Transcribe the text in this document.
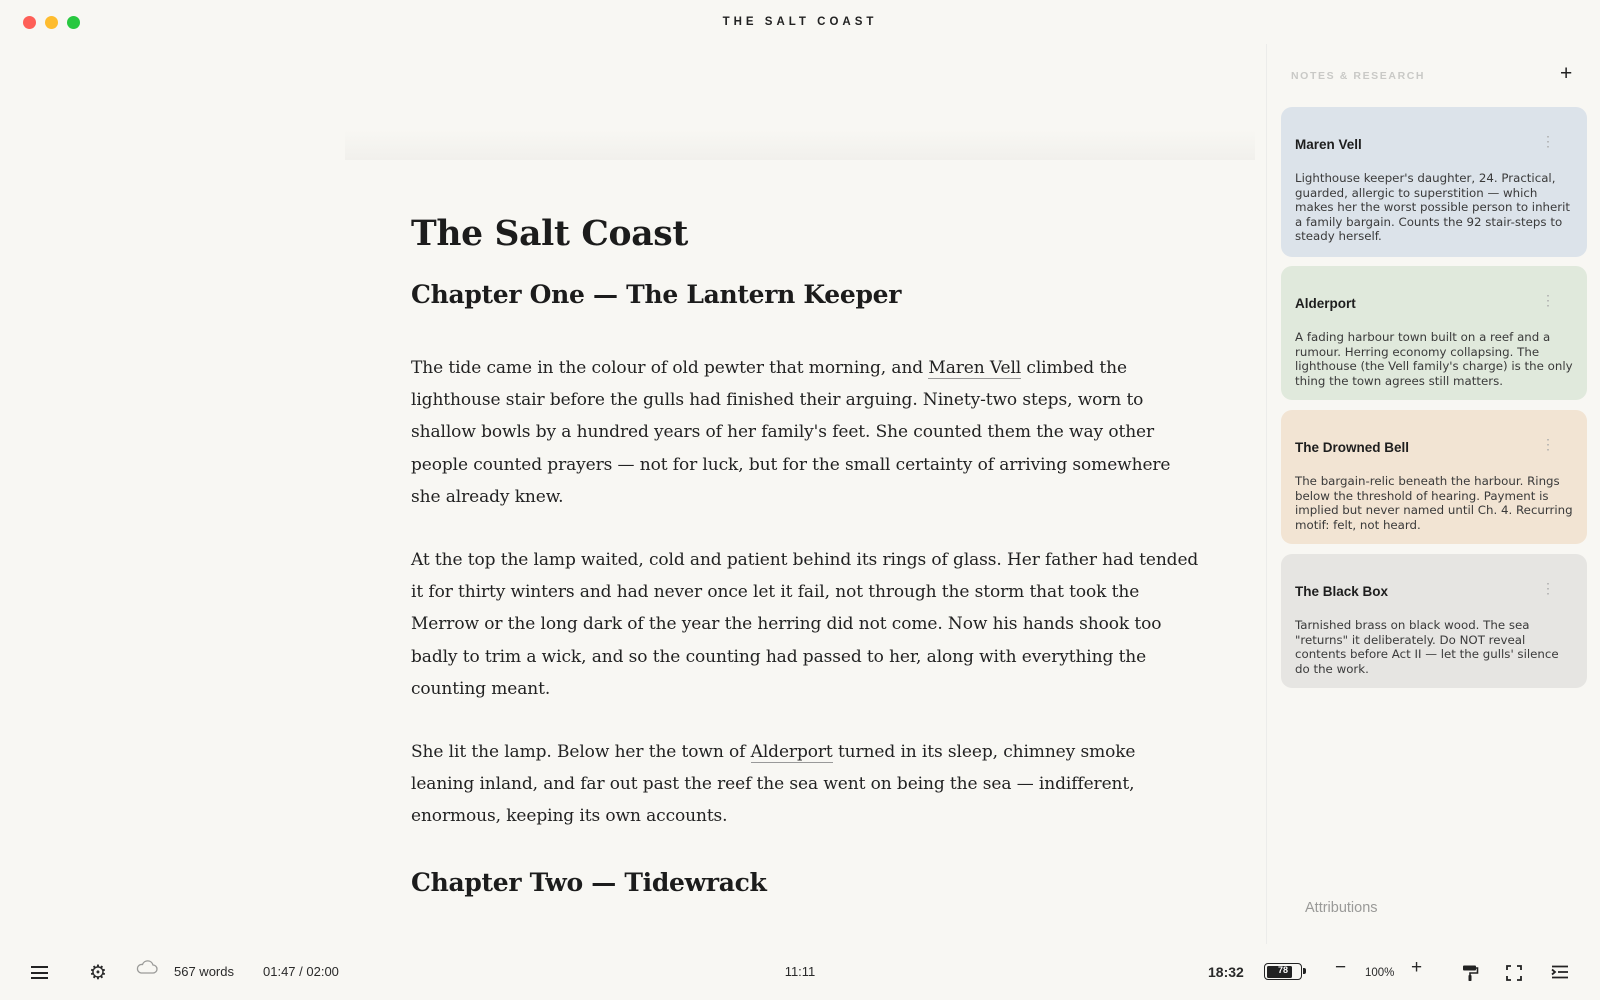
THE SALT COAST
The Salt Coast
Chapter One — The Lantern Keeper

The tide came in the colour of old pewter that morning, and Maren Vell climbed the lighthouse stair before the gulls had finished their arguing. Ninety-two steps, worn to shallow bowls by a hundred years of her family's feet. She counted them the way other people counted prayers — not for luck, but for the small certainty of arriving somewhere she already knew.

At the top the lamp waited, cold and patient behind its rings of glass. Her father had tended it for thirty winters and had never once let it fail, not through the storm that took the Merrow or the long dark of the year the herring did not come. Now his hands shook too badly to trim a wick, and so the counting had passed to her, along with everything the counting meant.

She lit the lamp. Below her the town of Alderport turned in its sleep, chimney smoke leaning inland, and far out past the reef the sea went on being the sea — indifferent, enormous, keeping its own accounts.

Chapter Two — Tidewrack
NOTES & RESEARCH	+
Maren Vell	⋮
Lighthouse keeper's daughter, 24. Practical, guarded, allergic to superstition — which makes her the worst possible person to inherit a family bargain. Counts the 92 stair-steps to steady herself.
Alderport	⋮
A fading harbour town built on a reef and a rumour. Herring economy collapsing. The lighthouse (the Vell family's charge) is the only thing the town agrees still matters.
The Drowned Bell	⋮
The bargain-relic beneath the harbour. Rings below the threshold of hearing. Payment is implied but never named until Ch. 4. Recurring motif: felt, not heard.
The Black Box	⋮
Tarnished brass on black wood. The sea "returns" it deliberately. Do NOT reveal contents before Act II — let the gulls' silence do the work.
Attributions
⚙	567 words 01:47 / 02:00	11:11	18:32	78	− 100% +
